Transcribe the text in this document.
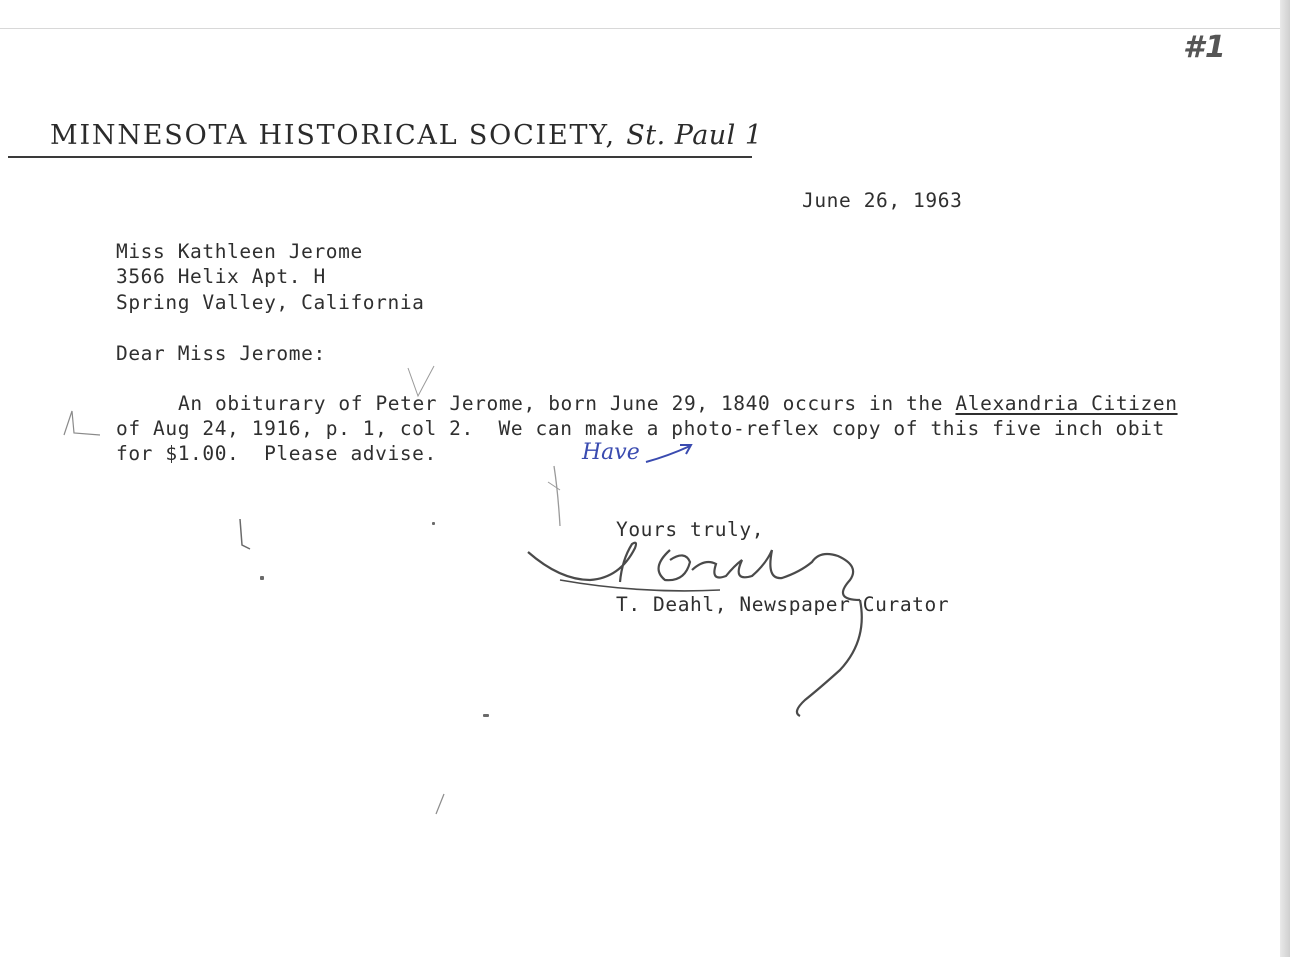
#1
MINNESOTA HISTORICAL SOCIETY, St. Paul 1
June 26, 1963
Miss Kathleen Jerome
3566 Helix Apt. H
Spring Valley, California
Dear Miss Jerome:
An obiturary of Peter Jerome, born June 29, 1840 occurs in the Alexandria Citizen
of Aug 24, 1916, p. 1, col 2.  We can make a photo-reflex copy of this five inch obit
for $1.00.  Please advise.	Have
Yours truly,
T. Deahl, Newspaper Curator
